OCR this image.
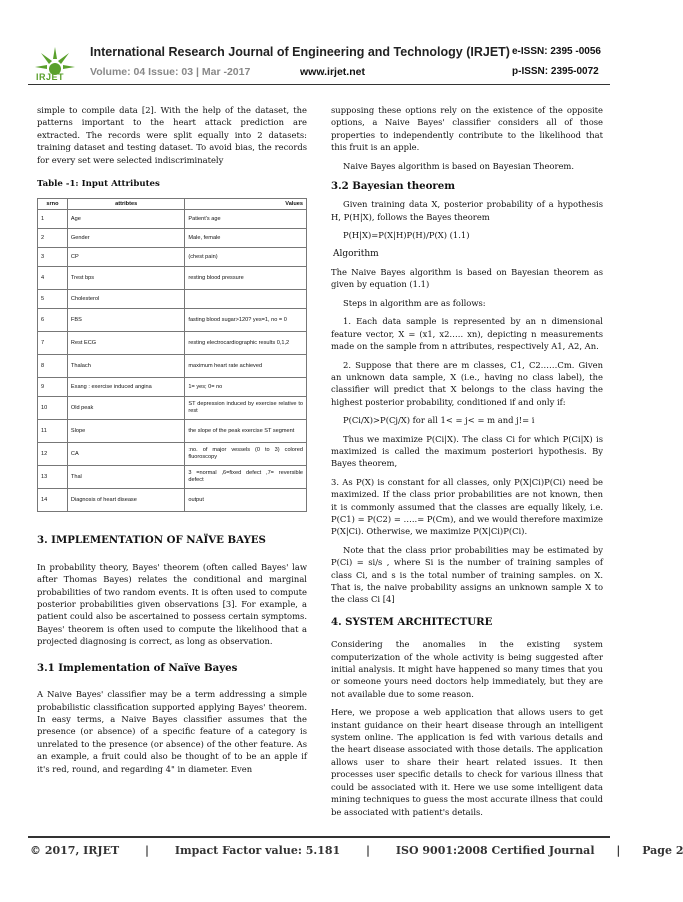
IRJET
International Research Journal of Engineering and Technology (IRJET) e-ISSN: 2395 -0056
Volume: 04 Issue: 03 | Mar -2017	www.irjet.net	p-ISSN: 2395-0072

simple to compile data [2]. With the help of the dataset, the patterns important to the heart attack prediction are extracted. The records were split equally into 2 datasets: training dataset and testing dataset. To avoid bias, the records for every set were selected indiscriminately

Table -1: Input Attributes
srno	attribtes	Values
1	Age	Patient's age
2	Gender	Male, female
3	CP	(chest pain)
4	Trest bps	resting blood pressure
5	Cholesterol	
6	FBS	fasting blood sugar>120? yes=1, no = 0
7	Rest ECG	resting electrocardiographic results 0,1,2
8	Thalach	maximum heart rate achieved
9	Exang : exercise induced angina	1= yes; 0= no
10	Old peak	ST depression induced by exercise relative to rest
11	Slope	the slope of the peak exercise ST segment
12	CA	:no. of major vessels (0 to 3) colored fluoroscopy
13	Thal	3 =normal ,6=fixed defect ,7= reversible defect
14	Diagnosis of heart disease	output
3. IMPLEMENTATION OF NAÏVE BAYES

In probability theory, Bayes' theorem (often called Bayes' law after Thomas Bayes) relates the conditional and marginal probabilities of two random events. It is often used to compute posterior probabilities given observations [3]. For example, a patient could also be ascertained to possess certain symptoms. Bayes' theorem is often used to compute the likelihood that a projected diagnosing is correct, as long as observation.

3.1 Implementation of Naïve Bayes

A Naive Bayes' classifier may be a term addressing a simple probabilistic classification supported applying Bayes' theorem. In easy terms, a Naive Bayes classifier assumes that the presence (or absence) of a specific feature of a category is unrelated to the presence (or absence) of the other feature. As an example, a fruit could also be thought of to be an apple if it's red, round, and regarding 4" in diameter. Even

supposing these options rely on the existence of the opposite options, a Naive Bayes' classifier considers all of those properties to independently contribute to the likelihood that this fruit is an apple.

Naive Bayes algorithm is based on Bayesian Theorem.

3.2 Bayesian theorem

Given training data X, posterior probability of a hypothesis H, P(H|X), follows the Bayes theorem

P(H|X)=P(X|H)P(H)/P(X) (1.1)

Algorithm

The Naive Bayes algorithm is based on Bayesian theorem as given by equation (1.1)

Steps in algorithm are as follows:

1. Each data sample is represented by an n dimensional feature vector, X = (x1, x2….. xn), depicting n measurements made on the sample from n attributes, respectively A1, A2, An.

2. Suppose that there are m classes, C1, C2……Cm. Given an unknown data sample, X (i.e., having no class label), the classifier will predict that X belongs to the class having the highest posterior probability, conditioned if and only if:

P(Ci/X)>P(Cj/X) for all 1< = j< = m and j!= i

Thus we maximize P(Ci|X). The class Ci for which P(Ci|X) is maximized is called the maximum posteriori hypothesis. By Bayes theorem,

3. As P(X) is constant for all classes, only P(X|Ci)P(Ci) need be maximized. If the class prior probabilities are not known, then it is commonly assumed that the classes are equally likely, i.e. P(C1) = P(C2) = …..= P(Cm), and we would therefore maximize P(X|Ci). Otherwise, we maximize P(X|Ci)P(Ci).

Note that the class prior probabilities may be estimated by P(Ci) = si/s , where Si is the number of training samples of class Ci, and s is the total number of training samples. on X. That is, the naive probability assigns an unknown sample X to the class Ci [4]

4. SYSTEM ARCHITECTURE

Considering the anomalies in the existing system computerization of the whole activity is being suggested after initial analysis. It might have happened so many times that you or someone yours need doctors help immediately, but they are not available due to some reason.

Here, we propose a web application that allows users to get instant guidance on their heart disease through an intelligent system online. The application is fed with various details and the heart disease associated with those details. The application allows user to share their heart related issues. It then processes user specific details to check for various illness that could be associated with it. Here we use some intelligent data mining techniques to guess the most accurate illness that could be associated with patient's details.

© 2017, IRJET | Impact Factor value: 5.181 | ISO 9001:2008 Certified Journal | Page 2
